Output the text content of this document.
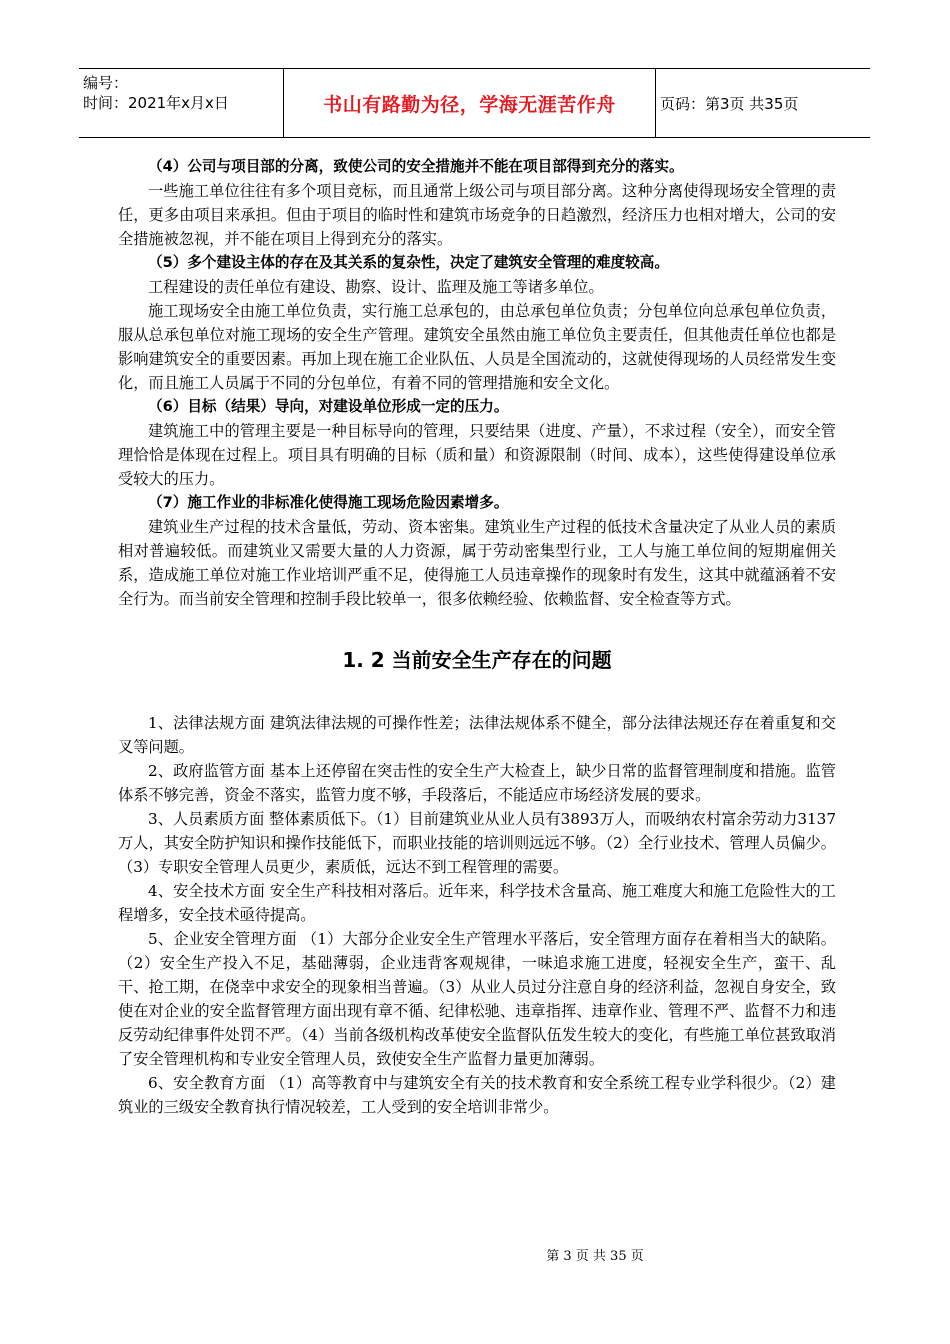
编号：
时间：2021年x月x日	书山有路勤为径，学海无涯苦作舟	页码：第3页 共35页

（4）公司与项目部的分离，致使公司的安全措施并不能在项目部得到充分的落实。

一些施工单位往往有多个项目竞标，而且通常上级公司与项目部分离。这种分离使得现场安全管理的责任，更多由项目来承担。但由于项目的临时性和建筑市场竞争的日趋激烈，经济压力也相对增大，公司的安全措施被忽视，并不能在项目上得到充分的落实。

（5）多个建设主体的存在及其关系的复杂性，决定了建筑安全管理的难度较高。

工程建设的责任单位有建设、勘察、设计、监理及施工等诸多单位。

施工现场安全由施工单位负责，实行施工总承包的，由总承包单位负责；分包单位向总承包单位负责，服从总承包单位对施工现场的安全生产管理。建筑安全虽然由施工单位负主要责任，但其他责任单位也都是影响建筑安全的重要因素。再加上现在施工企业队伍、人员是全国流动的，这就使得现场的人员经常发生变化，而且施工人员属于不同的分包单位，有着不同的管理措施和安全文化。

（6）目标（结果）导向，对建设单位形成一定的压力。

建筑施工中的管理主要是一种目标导向的管理，只要结果（进度、产量），不求过程（安全），而安全管理恰恰是体现在过程上。项目具有明确的目标（质和量）和资源限制（时间、成本），这些使得建设单位承受较大的压力。

（7）施工作业的非标准化使得施工现场危险因素增多。

建筑业生产过程的技术含量低，劳动、资本密集。建筑业生产过程的低技术含量决定了从业人员的素质相对普遍较低。而建筑业又需要大量的人力资源，属于劳动密集型行业，工人与施工单位间的短期雇佣关系，造成施工单位对施工作业培训严重不足，使得施工人员违章操作的现象时有发生，这其中就蕴涵着不安全行为。而当前安全管理和控制手段比较单一，很多依赖经验、依赖监督、安全检查等方式。

1. 2 当前安全生产存在的问题

1、法律法规方面 建筑法律法规的可操作性差；法律法规体系不健全，部分法律法规还存在着重复和交叉等问题。

2、政府监管方面 基本上还停留在突击性的安全生产大检查上，缺少日常的监督管理制度和措施。监管体系不够完善，资金不落实，监管力度不够，手段落后，不能适应市场经济发展的要求。

3、人员素质方面 整体素质低下。（1）目前建筑业从业人员有3893万人，而吸纳农村富余劳动力3137万人，其安全防护知识和操作技能低下，而职业技能的培训则远远不够。（2）全行业技术、管理人员偏少。（3）专职安全管理人员更少，素质低，远达不到工程管理的需要。

4、安全技术方面 安全生产科技相对落后。近年来，科学技术含量高、施工难度大和施工危险性大的工程增多，安全技术亟待提高。

5、企业安全管理方面 （1）大部分企业安全生产管理水平落后，安全管理方面存在着相当大的缺陷。（2）安全生产投入不足，基础薄弱，企业违背客观规律，一味追求施工进度，轻视安全生产，蛮干、乱干、抢工期，在侥幸中求安全的现象相当普遍。（3）从业人员过分注意自身的经济利益，忽视自身安全，致使在对企业的安全监督管理方面出现有章不循、纪律松驰、违章指挥、违章作业、管理不严、监督不力和违反劳动纪律事件处罚不严。（4）当前各级机构改革使安全监督队伍发生较大的变化，有些施工单位甚致取消了安全管理机构和专业安全管理人员，致使安全生产监督力量更加薄弱。

6、安全教育方面 （1）高等教育中与建筑安全有关的技术教育和安全系统工程专业学科很少。（2）建筑业的三级安全教育执行情况较差，工人受到的安全培训非常少。

第 3 页 共 35 页
